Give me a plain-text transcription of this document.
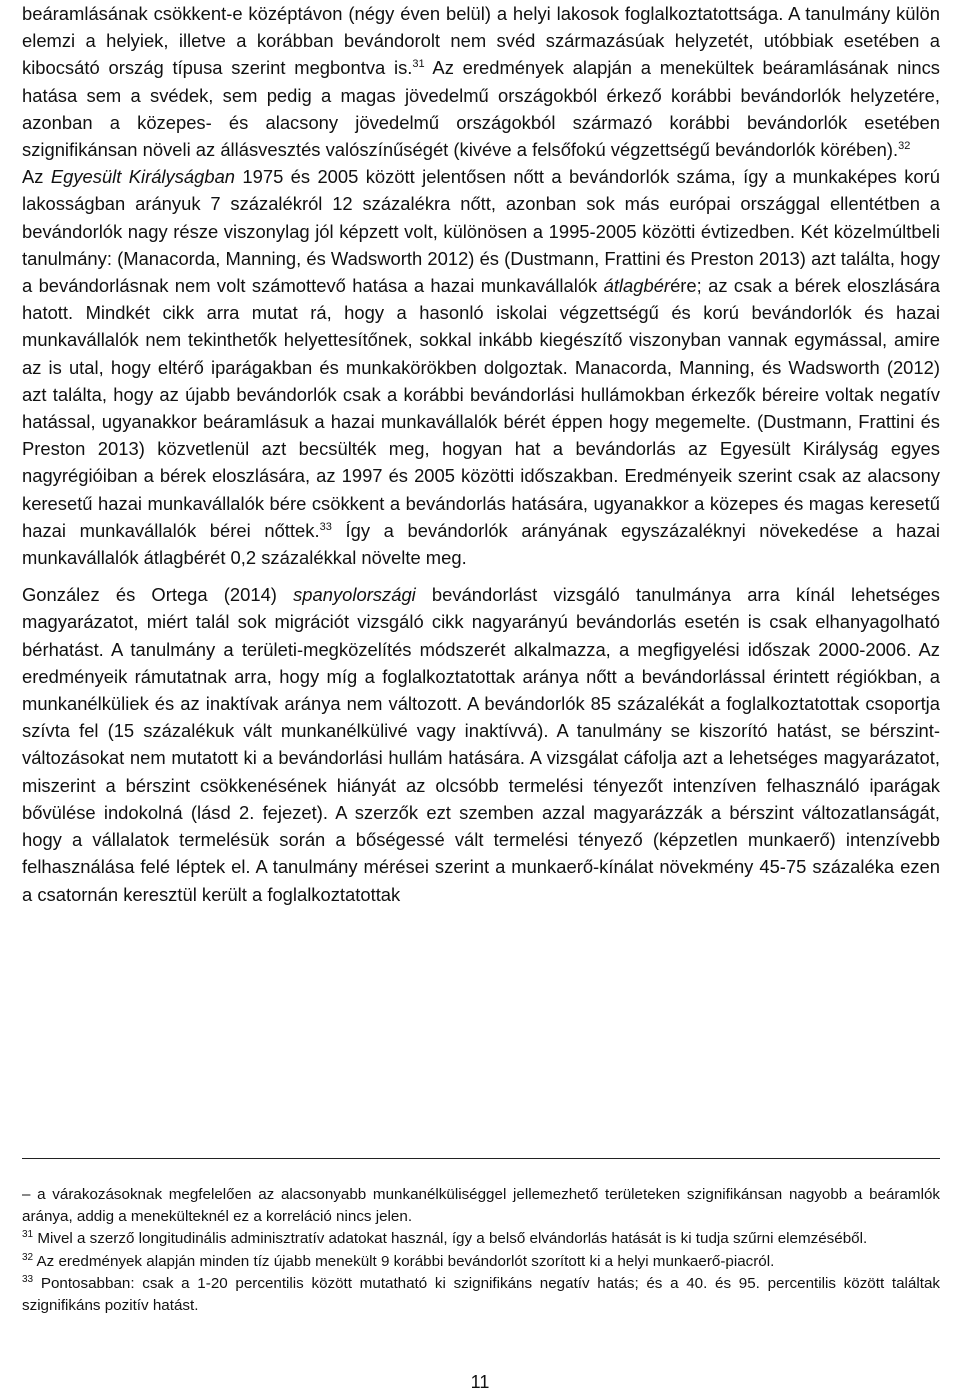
beáramlásának csökkent-e középtávon (négy éven belül) a helyi lakosok foglalkoztatottsága. A tanulmány külön elemzi a helyiek, illetve a korábban bevándorolt nem svéd származásúak helyzetét, utóbbiak esetében a kibocsátó ország típusa szerint megbontva is.$^{31}$ Az eredmények alapján a menekültek beáramlásának nincs hatása sem a svédek, sem pedig a magas jövedelmű országokból érkező korábbi bevándorlók helyzetére, azonban a közepes- és alacsony jövedelmű országokból származó korábbi bevándorlók esetében szignifikánsan növeli az állásvesztés valószínűségét (kivéve a felsőfokú végzettségű bevándorlók körében).$^{32}$
Az Egyesült Királyságban 1975 és 2005 között jelentősen nőtt a bevándorlók száma, így a munkaképes korú lakosságban arányuk 7 százalékról 12 százalékra nőtt, azonban sok más európai országgal ellentétben a bevándorlók nagy része viszonylag jól képzett volt, különösen a 1995-2005 közötti évtizedben. Két közelmúltbeli tanulmány: (Manacorda, Manning, és Wadsworth 2012) és (Dustmann, Frattini és Preston 2013) azt találta, hogy a bevándorlásnak nem volt számottevő hatása a hazai munkavállalók átlagbérére; az csak a bérek eloszlására hatott. Mindkét cikk arra mutat rá, hogy a hasonló iskolai végzettségű és korú bevándorlók és hazai munkavállalók nem tekinthetők helyettesítőnek, sokkal inkább kiegészítő viszonyban vannak egymással, amire az is utal, hogy eltérő iparágakban és munkakörökben dolgoztak. Manacorda, Manning, és Wadsworth (2012) azt találta, hogy az újabb bevándorlók csak a korábbi bevándorlási hullámokban érkezők béreire voltak negatív hatással, ugyanakkor beáramlásuk a hazai munkavállalók bérét éppen hogy megemelte. (Dustmann, Frattini és Preston 2013) közvetlenül azt becsülték meg, hogyan hat a bevándorlás az Egyesült Királyság egyes nagyrégióiban a bérek eloszlására, az 1997 és 2005 közötti időszakban. Eredményeik szerint csak az alacsony keresetű hazai munkavállalók bére csökkent a bevándorlás hatására, ugyanakkor a közepes és magas keresetű hazai munkavállalók bérei nőttek.$^{33}$ Így a bevándorlók arányának egyszázaléknyi növekedése a hazai munkavállalók átlagbérét 0,2 százalékkal növelte meg.

González és Ortega (2014) spanyolországi bevándorlást vizsgáló tanulmánya arra kínál lehetséges magyarázatot, miért talál sok migrációt vizsgáló cikk nagyarányú bevándorlás esetén is csak elhanyagolható bérhatást. A tanulmány a területi-megközelítés módszerét alkalmazza, a megfigyelési időszak 2000-2006. Az eredményeik rámutatnak arra, hogy míg a foglalkoztatottak aránya nőtt a bevándorlással érintett régiókban, a munkanélküliek és az inaktívak aránya nem változott. A bevándorlók 85 százalékát a foglalkoztatottak csoportja szívta fel (15 százalékuk vált munkanélkülivé vagy inaktívvá). A tanulmány se kiszorító hatást, se bérszint-változásokat nem mutatott ki a bevándorlási hullám hatására. A vizsgálat cáfolja azt a lehetséges magyarázatot, miszerint a bérszint csökkenésének hiányát az olcsóbb termelési tényezőt intenzíven felhasználó iparágak bővülése indokolná (lásd 2. fejezet). A szerzők ezt szemben azzal magyarázzák a bérszint változatlanságát, hogy a vállalatok termelésük során a bőségessé vált termelési tényező (képzetlen munkaerő) intenzívebb felhasználása felé léptek el. A tanulmány mérései szerint a munkaerő-kínálat növekmény 45-75 százaléka ezen a csatornán keresztül került a foglalkoztatottak

– a várakozásoknak megfelelően az alacsonyabb munkanélküliséggel jellemezhető területeken szignifikánsan nagyobb a beáramlók aránya, addig a menekülteknél ez a korreláció nincs jelen.

$^{31}$ Mivel a szerző longitudinális adminisztratív adatokat használ, így a belső elvándorlás hatását is ki tudja szűrni elemzéséből.

$^{32}$ Az eredmények alapján minden tíz újabb menekült 9 korábbi bevándorlót szorított ki a helyi munkaerő-piacról.

$^{33}$ Pontosabban: csak a 1-20 percentilis között mutatható ki szignifikáns negatív hatás; és a 40. és 95. percentilis között találtak szignifikáns pozitív hatást.

11
